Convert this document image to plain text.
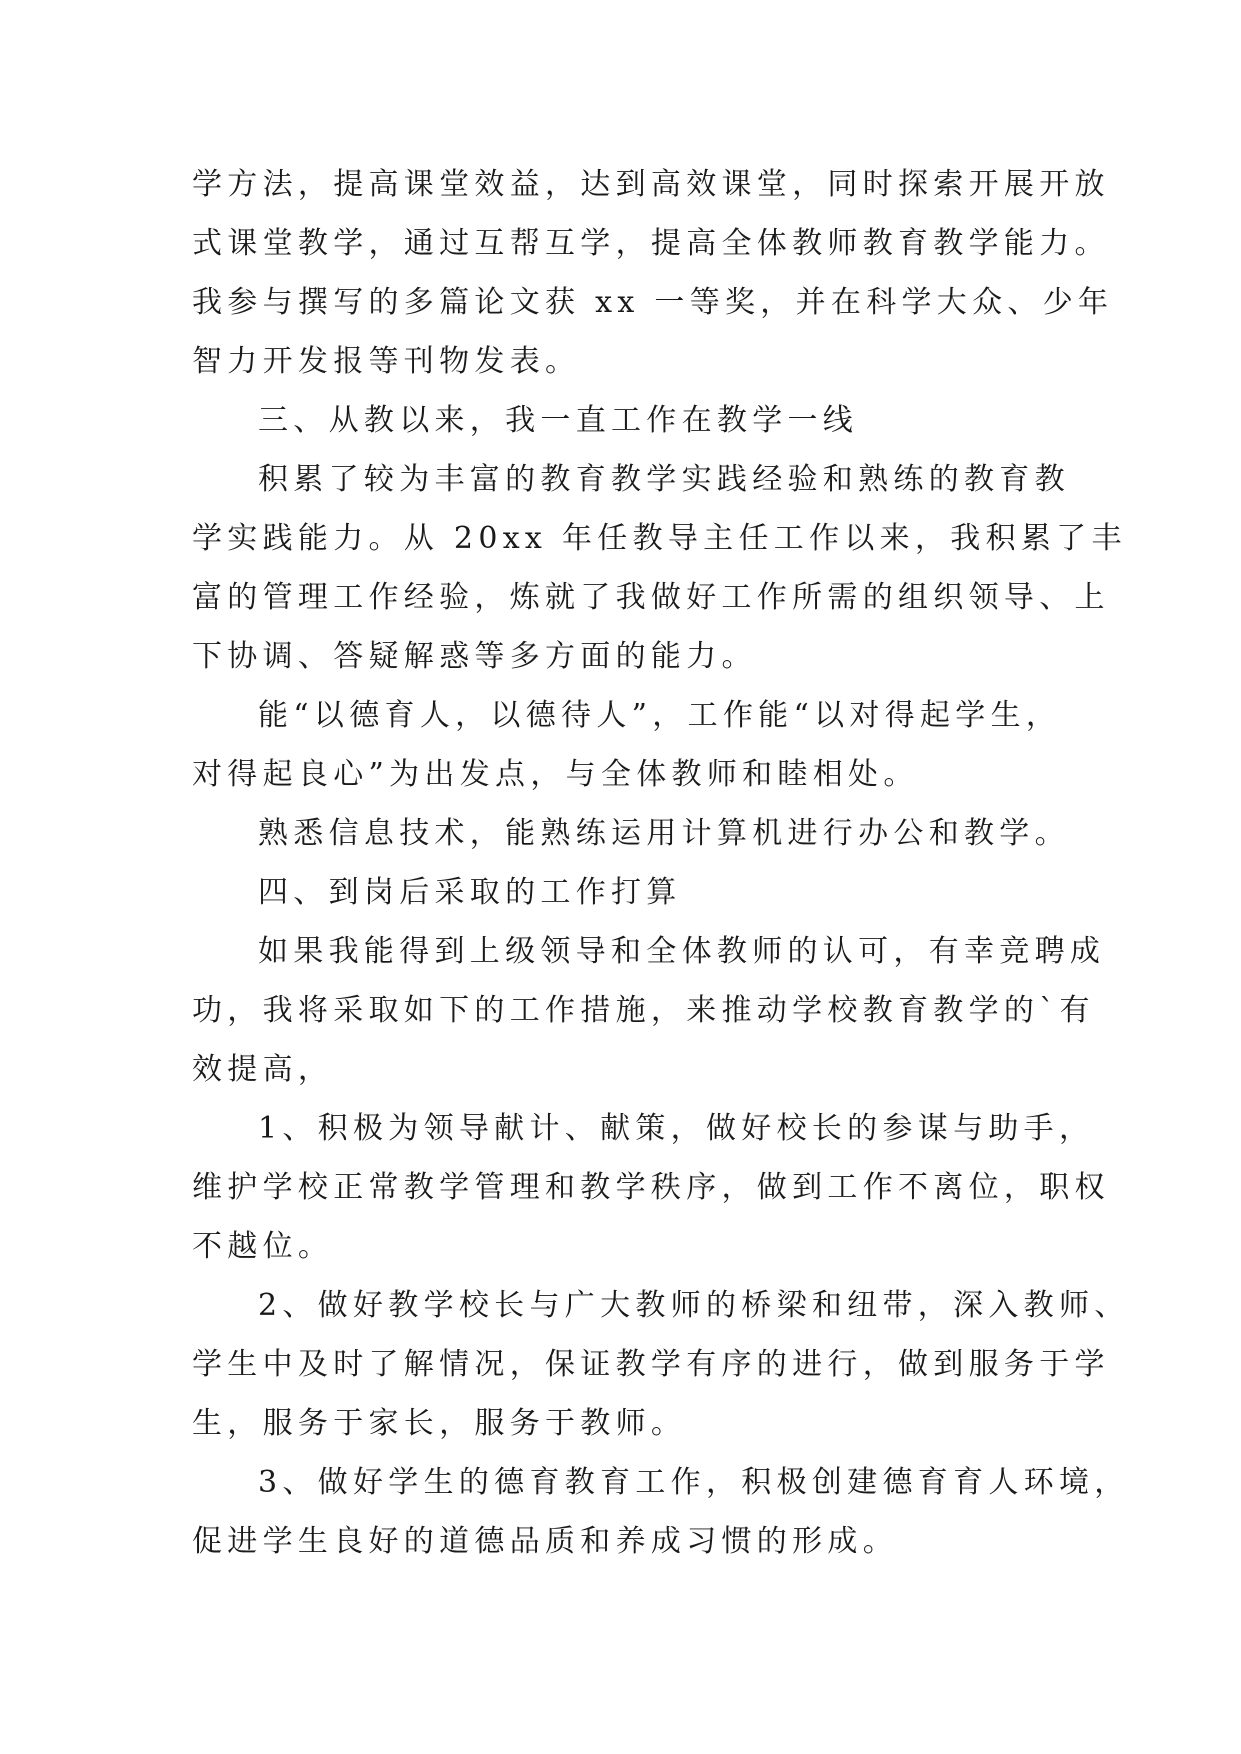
学方法，提高课堂效益，达到高效课堂，同时探索开展开放
式课堂教学，通过互帮互学，提高全体教师教育教学能力。
我参与撰写的多篇论文获 xx 一等奖，并在科学大众、少年
智力开发报等刊物发表。
三、从教以来，我一直工作在教学一线
积累了较为丰富的教育教学实践经验和熟练的教育教
学实践能力。从 20xx 年任教导主任工作以来，我积累了丰
富的管理工作经验，炼就了我做好工作所需的组织领导、上
下协调、答疑解惑等多方面的能力。
能“以德育人，以德待人”，工作能“以对得起学生，
对得起良心”为出发点，与全体教师和睦相处。
熟悉信息技术，能熟练运用计算机进行办公和教学。
四、到岗后采取的工作打算
如果我能得到上级领导和全体教师的认可，有幸竞聘成
功，我将采取如下的工作措施，来推动学校教育教学的`有
效提高，
1、积极为领导献计、献策，做好校长的参谋与助手，
维护学校正常教学管理和教学秩序，做到工作不离位，职权
不越位。
2、做好教学校长与广大教师的桥梁和纽带，深入教师、
学生中及时了解情况，保证教学有序的进行，做到服务于学
生，服务于家长，服务于教师。
3、做好学生的德育教育工作，积极创建德育育人环境，
促进学生良好的道德品质和养成习惯的形成。
